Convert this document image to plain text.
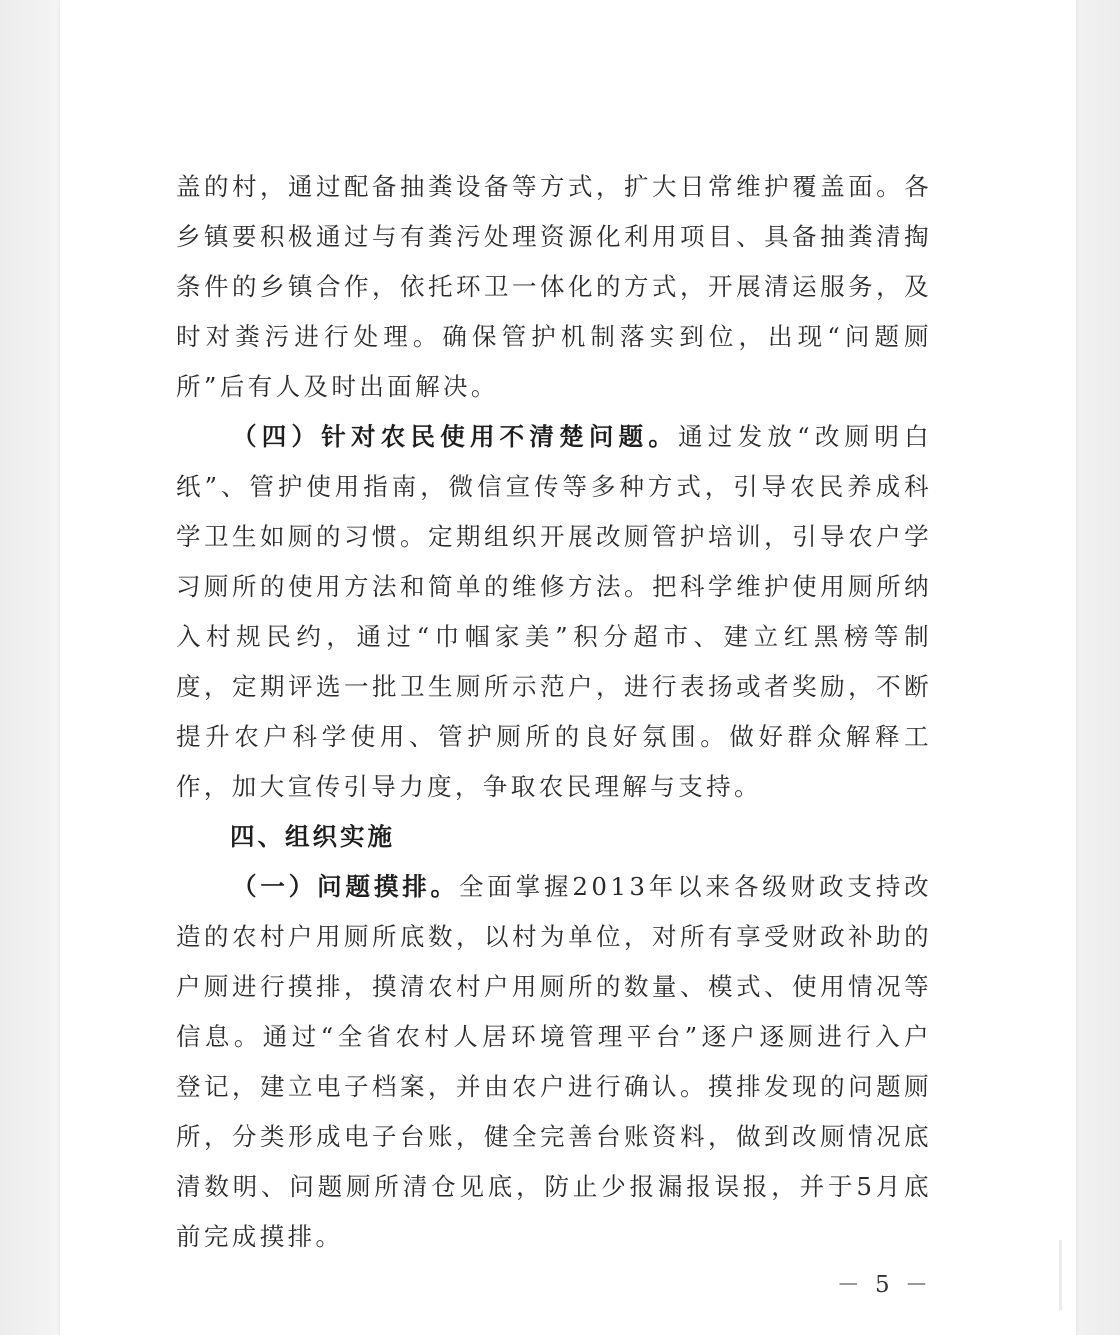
盖的村，通过配备抽粪设备等方式，扩大日常维护覆盖面。各乡镇要积极通过与有粪污处理资源化利用项目、具备抽粪清掏条件的乡镇合作，依托环卫一体化的方式，开展清运服务，及时对粪污进行处理。确保管护机制落实到位，出现“问题厕所”后有人及时出面解决。

（四）针对农民使用不清楚问题。通过发放“改厕明白纸”、管护使用指南，微信宣传等多种方式，引导农民养成科学卫生如厕的习惯。定期组织开展改厕管护培训，引导农户学习厕所的使用方法和简单的维修方法。把科学维护使用厕所纳入村规民约，通过“巾帼家美”积分超市、建立红黑榜等制度，定期评选一批卫生厕所示范户，进行表扬或者奖励，不断提升农户科学使用、管护厕所的良好氛围。做好群众解释工作，加大宣传引导力度，争取农民理解与支持。

四、组织实施

（一）问题摸排。全面掌握2013年以来各级财政支持改造的农村户用厕所底数，以村为单位，对所有享受财政补助的户厕进行摸排，摸清农村户用厕所的数量、模式、使用情况等信息。通过“全省农村人居环境管理平台”逐户逐厕进行入户登记，建立电子档案，并由农户进行确认。摸排发现的问题厕所，分类形成电子台账，健全完善台账资料，做到改厕情况底清数明、问题厕所清仓见底，防止少报漏报误报，并于5月底前完成摸排。

－ 5 －
